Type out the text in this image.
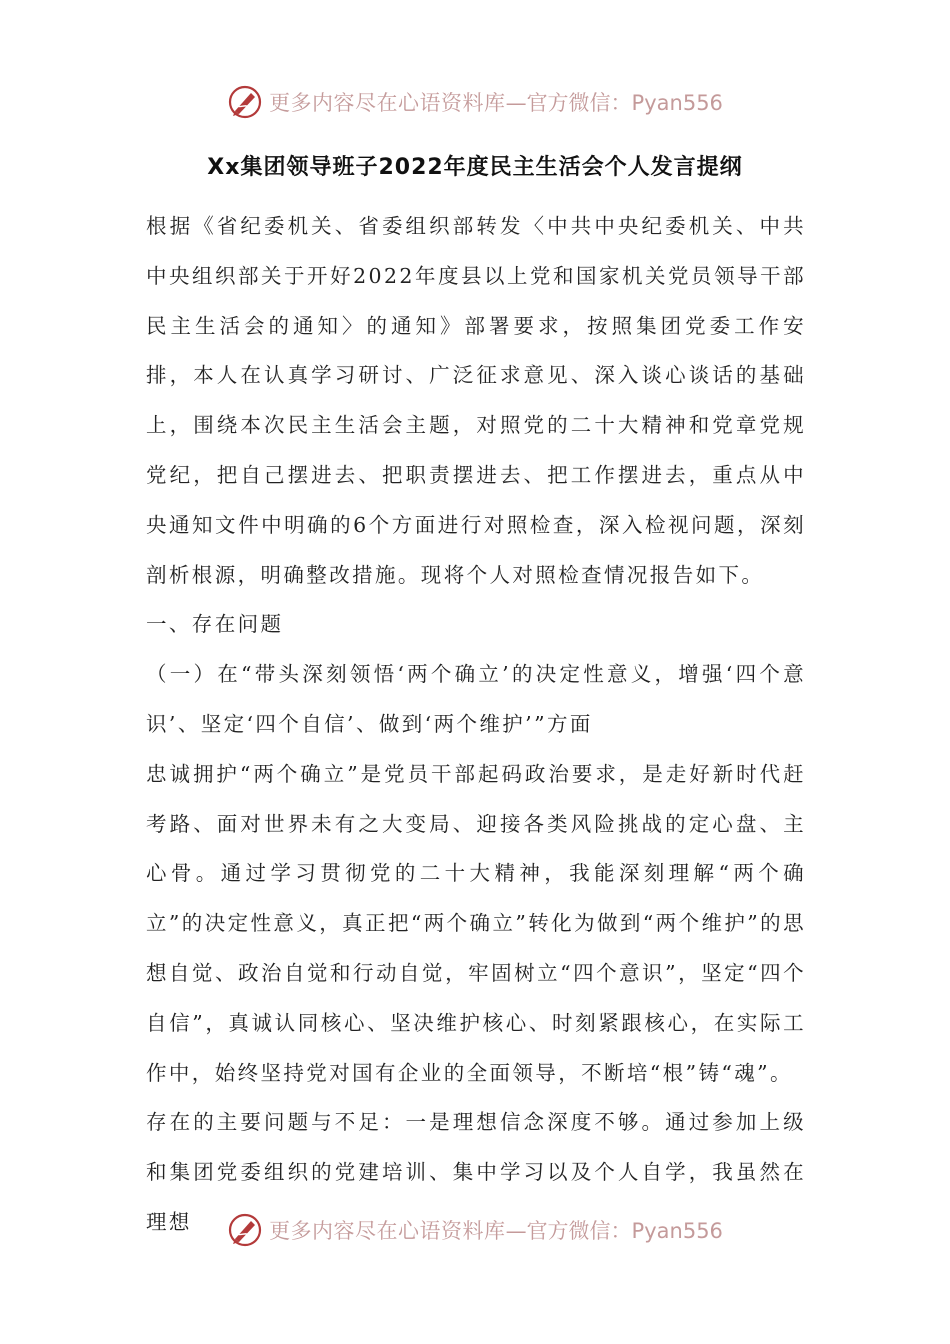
更多内容尽在心语资料库 —官方微信：Pyan556
Xx集团领导班子2022年度民主生活会个人发言提纲

根据《省纪委机关、省委组织部转发〈中共中央纪委机关、中共中央组织部关于开好2022年度县以上党和国家机关党员领导干部民主生活会的通知〉的通知》部署要求，按照集团党委工作安排，本人在认真学习研讨、广泛征求意见、深入谈心谈话的基础上，围绕本次民主生活会主题，对照党的二十大精神和党章党规党纪，把自己摆进去、把职责摆进去、把工作摆进去，重点从中央通知文件中明确的6个方面进行对照检查，深入检视问题，深刻剖析根源，明确整改措施。现将个人对照检查情况报告如下。

一、存在问题

（一）在“带头深刻领悟‘两个确立’的决定性意义，增强‘四个意识’、坚定‘四个自信’、做到‘两个维护’”方面

忠诚拥护“两个确立”是党员干部起码政治要求，是走好新时代赶考路、面对世界未有之大变局、迎接各类风险挑战的定心盘、主心骨。通过学习贯彻党的二十大精神，我能深刻理解“两个确立”的决定性意义，真正把“两个确立”转化为做到“两个维护”的思想自觉、政治自觉和行动自觉，牢固树立“四个意识”，坚定“四个自信”，真诚认同核心、坚决维护核心、时刻紧跟核心，在实际工作中，始终坚持党对国有企业的全面领导，不断培“根”铸“魂”。

存在的主要问题与不足：一是理想信念深度不够。通过参加上级和集团党委组织的党建培训、集中学习以及个人自学，我虽然在理想	更多内容尽在心语资料库 —官方微信：Pyan556
